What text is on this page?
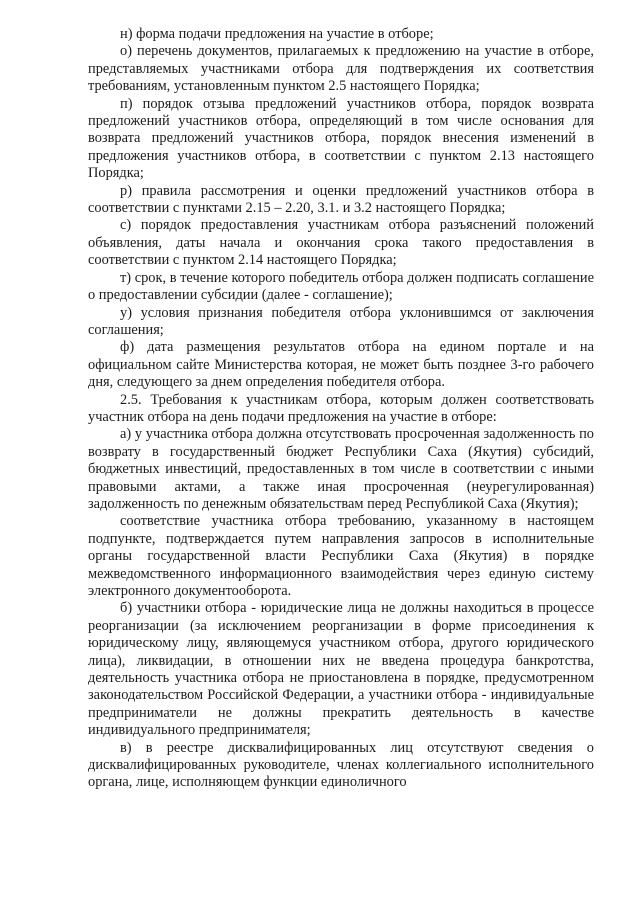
н) форма подачи предложения на участие в отборе;

о) перечень документов, прилагаемых к предложению на участие в отборе, представляемых участниками отбора для подтверждения их соответствия требованиям, установленным пунктом 2.5 настоящего Порядка;

п) порядок отзыва предложений участников отбора, порядок возврата предложений участников отбора, определяющий в том числе основания для возврата предложений участников отбора, порядок внесения изменений в предложения участников отбора, в соответствии с пунктом 2.13 настоящего Порядка;

р) правила рассмотрения и оценки предложений участников отбора в соответствии с пунктами 2.15 – 2.20, 3.1. и 3.2 настоящего Порядка;

с) порядок предоставления участникам отбора разъяснений положений объявления, даты начала и окончания срока такого предоставления в соответствии с пунктом 2.14 настоящего Порядка;

т) срок, в течение которого победитель отбора должен подписать соглашение о предоставлении субсидии (далее - соглашение);

у) условия признания победителя отбора уклонившимся от заключения соглашения;

ф) дата размещения результатов отбора на едином портале и на официальном сайте Министерства которая, не может быть позднее 3-го рабочего дня, следующего за днем определения победителя отбора.

2.5. Требования к участникам отбора, которым должен соответствовать участник отбора на день подачи предложения на участие в отборе:

а) у участника отбора должна отсутствовать просроченная задолженность по возврату в государственный бюджет Республики Саха (Якутия) субсидий, бюджетных инвестиций, предоставленных в том числе в соответствии с иными правовыми актами, а также иная просроченная (неурегулированная) задолженность по денежным обязательствам перед Республикой Саха (Якутия);

соответствие участника отбора требованию, указанному в настоящем подпункте, подтверждается путем направления запросов в исполнительные органы государственной власти Республики Саха (Якутия) в порядке межведомственного информационного взаимодействия через единую систему электронного документооборота.

б) участники отбора - юридические лица не должны находиться в процессе реорганизации (за исключением реорганизации в форме присоединения к юридическому лицу, являющемуся участником отбора, другого юридического лица), ликвидации, в отношении них не введена процедура банкротства, деятельность участника отбора не приостановлена в порядке, предусмотренном законодательством Российской Федерации, а участники отбора - индивидуальные предприниматели не должны прекратить деятельность в качестве индивидуального предпринимателя;

в) в реестре дисквалифицированных лиц отсутствуют сведения о дисквалифицированных руководителе, членах коллегиального исполнительного органа, лице, исполняющем функции единоличного
